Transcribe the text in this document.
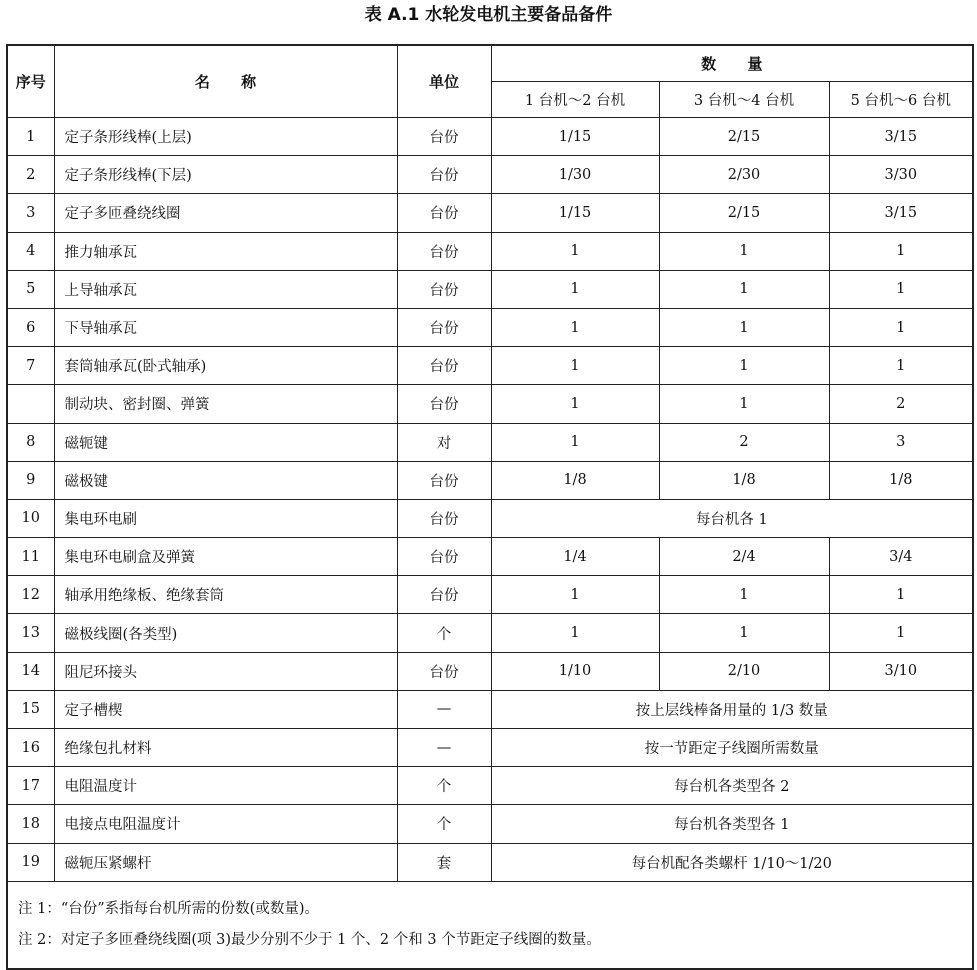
表 A.1 水轮发电机主要备品备件
序号	名      称	单位	数      量		
			1 台机～2 台机	3 台机～4 台机	5 台机～6 台机
1	定子条形线棒(上层)	台份	1/15	2/15	3/15
2	定子条形线棒(下层)	台份	1/30	2/30	3/30
3	定子多匝叠绕线圈	台份	1/15	2/15	3/15
4	推力轴承瓦	台份	1	1	1
5	上导轴承瓦	台份	1	1	1
6	下导轴承瓦	台份	1	1	1
7	套筒轴承瓦(卧式轴承)	台份	1	1	1
	制动块、密封圈、弹簧	台份	1	1	2
8	磁轭键	对	1	2	3
9	磁极键	台份	1/8	1/8	1/8
10	集电环电刷	台份	每台机各 1		
11	集电环电刷盒及弹簧	台份	1/4	2/4	3/4
12	轴承用绝缘板、绝缘套筒	台份	1	1	1
13	磁极线圈(各类型)	个	1	1	1
14	阻尼环接头	台份	1/10	2/10	3/10
15	定子槽楔	—	按上层线棒备用量的 1/3 数量		
16	绝缘包扎材料	—	按一节距定子线圈所需数量		
17	电阻温度计	个	每台机各类型各 2		
18	电接点电阻温度计	个	每台机各类型各 1		
19	磁轭压紧螺杆	套	每台机配各类螺杆 1/10～1/20		

注 1：“台份”系指每台机所需的份数(或数量)。
注 2：对定子多匝叠绕线圈(项 3)最少分别不少于 1 个、2 个和 3 个节距定子线圈的数量。					
